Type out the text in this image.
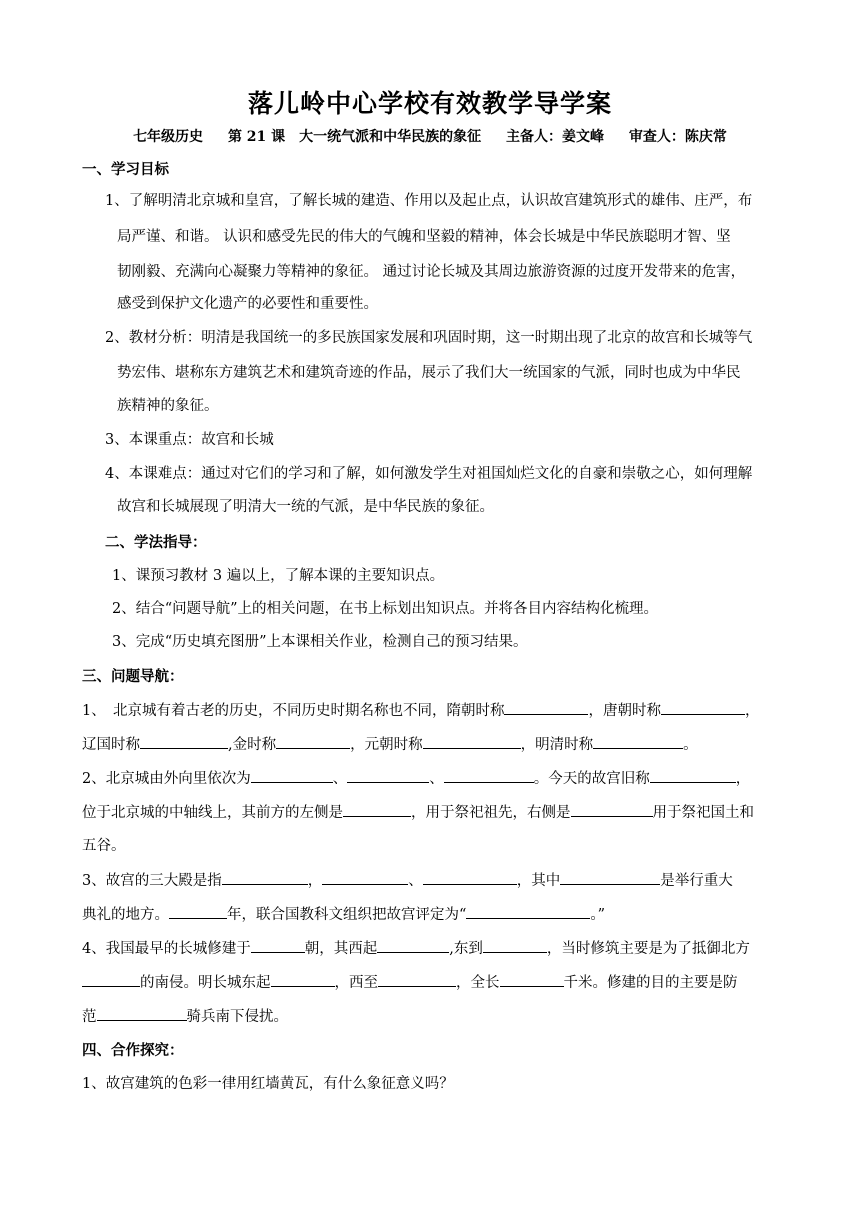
落儿岭中心学校有效教学导学案
七年级历史 第 21 课　大一统气派和中华民族的象征 主备人：姜文峰 审查人：陈庆常
一、学习目标
1、了解明清北京城和皇宫，了解长城的建造、作用以及起止点，认识故宫建筑形式的雄伟、庄严，布
局严谨、和谐。 认识和感受先民的伟大的气魄和坚毅的精神，体会长城是中华民族聪明才智、坚
韧刚毅、充满向心凝聚力等精神的象征。 通过讨论长城及其周边旅游资源的过度开发带来的危害，
感受到保护文化遗产的必要性和重要性。
2、教材分析：明清是我国统一的多民族国家发展和巩固时期，这一时期出现了北京的故宫和长城等气
势宏伟、堪称东方建筑艺术和建筑奇迹的作品，展示了我们大一统国家的气派，同时也成为中华民
族精神的象征。
3、本课重点：故宫和长城
4、本课难点：通过对它们的学习和了解，如何激发学生对祖国灿烂文化的自豪和崇敬之心，如何理解
故宫和长城展现了明清大一统的气派，是中华民族的象征。
二、学法指导：
1、课预习教材 3 遍以上，了解本课的主要知识点。
2、结合“问题导航”上的相关问题，在书上标划出知识点。并将各目内容结构化梳理。
3、完成“历史填充图册”上本课相关作业，检测自己的预习结果。
三、问题导航：
1、　北京城有着古老的历史，不同历史时期名称也不同，隋朝时称	，唐朝时称	，
辽国时称	,金时称	，元朝时称	，明清时称	。
2、北京城由外向里依次为	、	、	。今天的故宫旧称	，
位于北京城的中轴线上，其前方的左侧是	，用于祭祀祖先，右侧是	用于祭祀国土和
五谷。
3、故宫的三大殿是指	，	、	，其中	是举行重大
典礼的地方。	年，联合国教科文组织把故宫评定为“	。”
4、我国最早的长城修建于	朝，其西起	,东到	，当时修筑主要是为了抵御北方
的南侵。明长城东起	，西至	，全长	千米。修建的目的主要是防
范	骑兵南下侵扰。
四、合作探究：
1、故宫建筑的色彩一律用红墙黄瓦，有什么象征意义吗？
